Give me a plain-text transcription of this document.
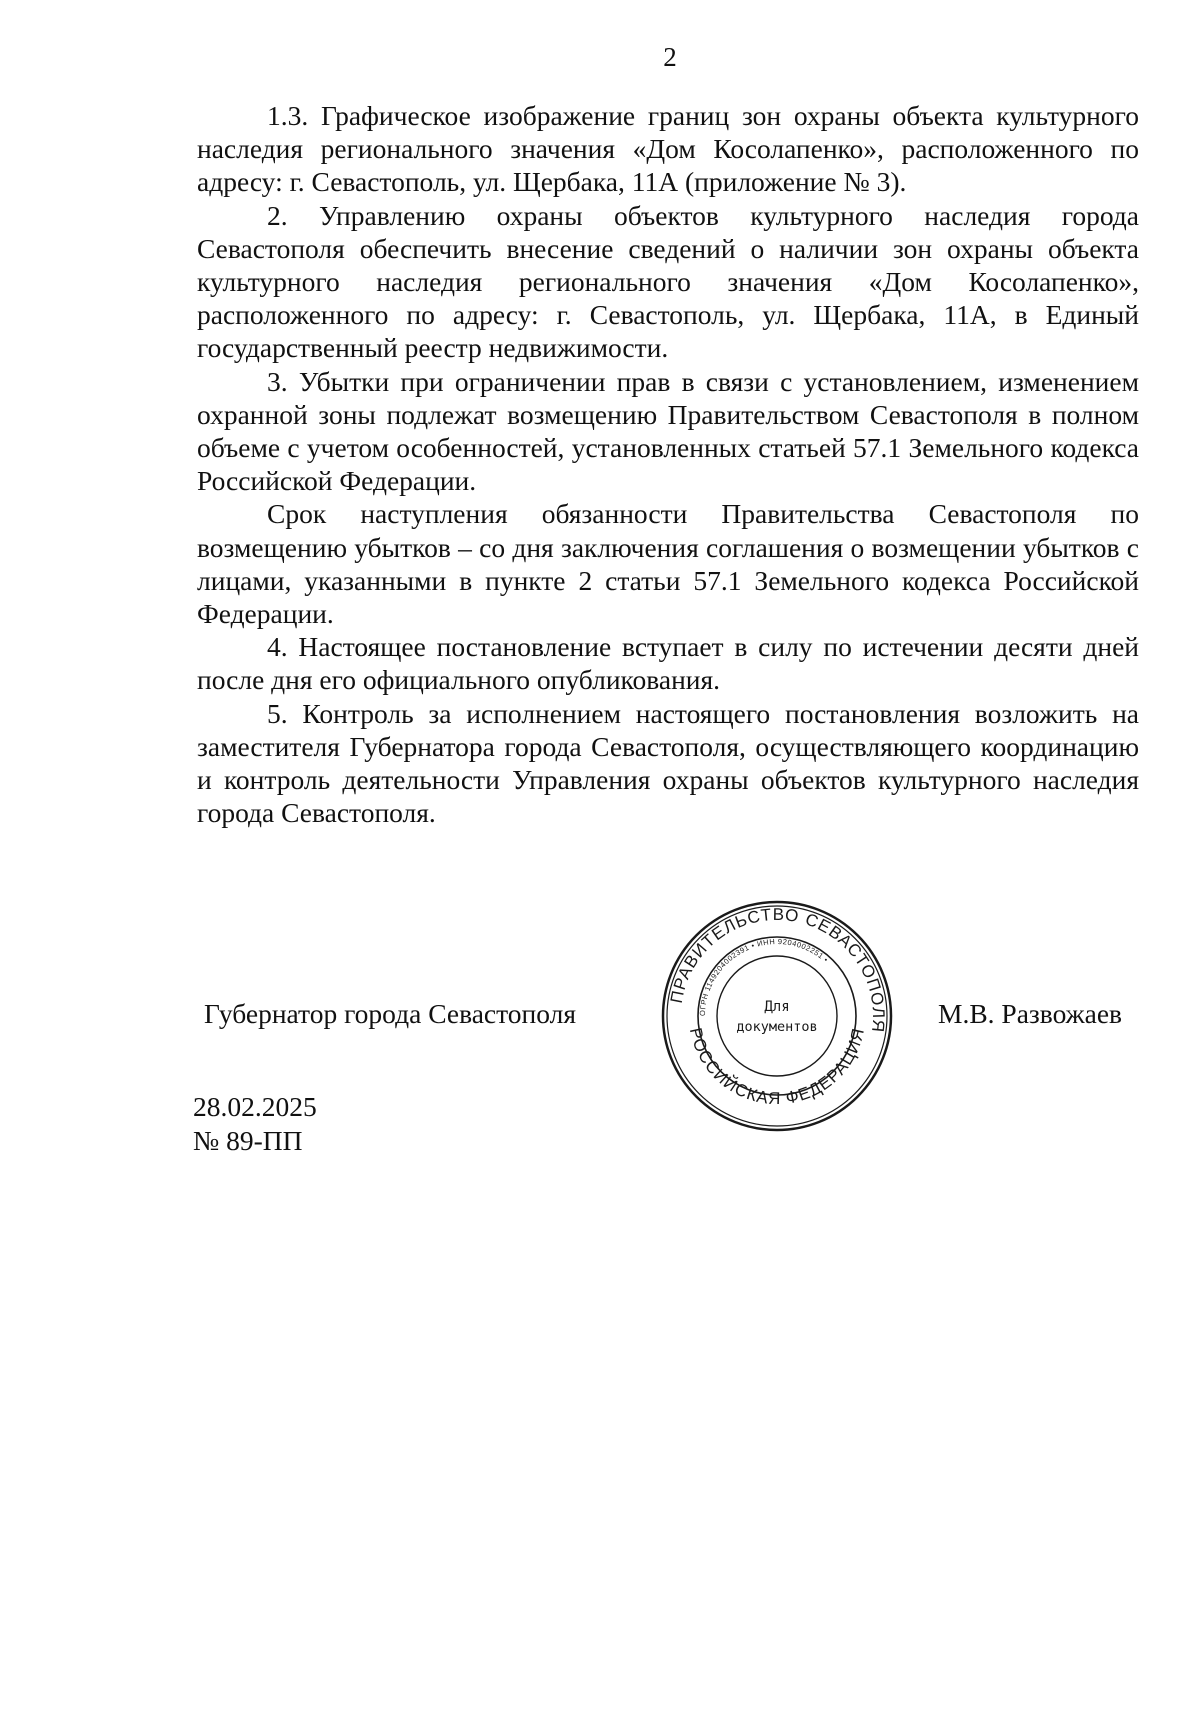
2

1.3. Графическое изображение границ зон охраны объекта культурного наследия регионального значения «Дом Косолапенко», расположенного по адресу: г. Севастополь, ул. Щербака, 11А (приложение № 3).

2. Управлению охраны объектов культурного наследия города Севастополя обеспечить внесение сведений о наличии зон охраны объекта культурного наследия регионального значения «Дом Косолапенко», расположенного по адресу: г. Севастополь, ул. Щербака, 11А, в Единый государственный реестр недвижимости.

3. Убытки при ограничении прав в связи с установлением, изменением охранной зоны подлежат возмещению Правительством Севастополя в полном объеме с учетом особенностей, установленных статьей 57.1 Земельного кодекса Российской Федерации.

Срок наступления обязанности Правительства Севастополя по возмещению убытков – со дня заключения соглашения о возмещении убытков с лицами, указанными в пункте 2 статьи 57.1 Земельного кодекса Российской Федерации.

4. Настоящее постановление вступает в силу по истечении десяти дней после дня его официального опубликования.

5. Контроль за исполнением настоящего постановления возложить на заместителя Губернатора города Севастополя, осуществляющего координацию и контроль деятельности Управления охраны объектов культурного наследия города Севастополя.

Губернатор города Севастополя	М.В. Развожаев
ПРАВИТЕЛЬСТВО СЕВАСТОПОЛЯ
РОССИЙСКАЯ ФЕДЕРАЦИЯ
ОГРН 1149204002391 • ИНН 9204002251 •
Для
документов
28.02.2025
№ 89-ПП
